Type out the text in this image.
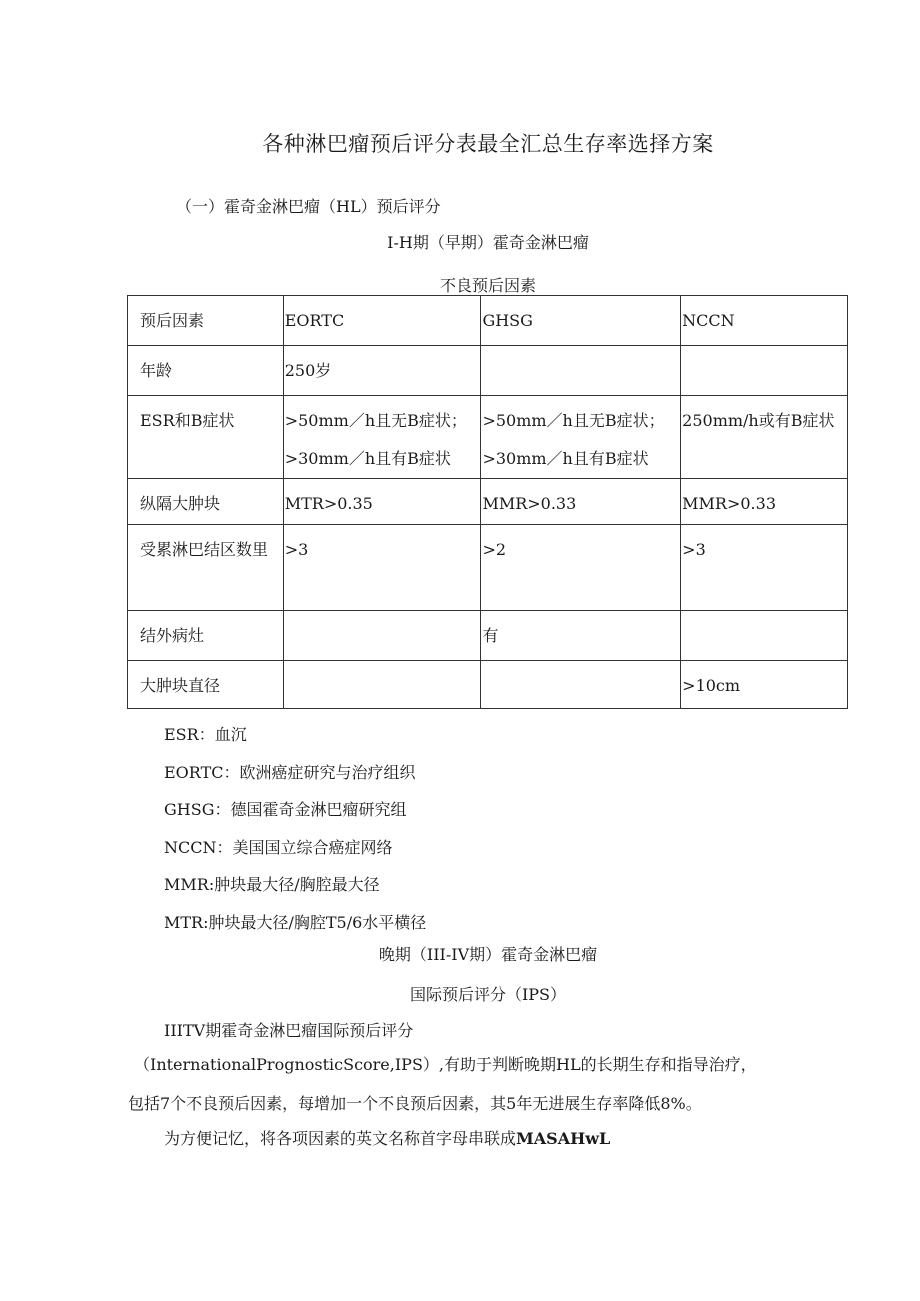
各种淋巴瘤预后评分表最全汇总生存率选择方案
（一）霍奇金淋巴瘤（HL）预后评分
I-H期（早期）霍奇金淋巴瘤
不良预后因素
预后因素	EORTC	GHSG	NCCN
年龄	250岁		
ESR和B症状	>50mm／h且无B症状；>30mm／h且有B症状	>50mm／h且无B症状；>30mm／h且有B症状	250mm/h或有B症状
纵隔大肿块	MTR>0.35	MMR>0.33	MMR>0.33
受累淋巴结区数里	>3	>2	>3
结外病灶		有	
大肿块直径			>10cm
ESR：血沉
EORTC：欧洲癌症研究与治疗组织
GHSG：德国霍奇金淋巴瘤研究组
NCCN：美国国立综合癌症网络
MMR:肿块最大径/胸腔最大径
MTR:肿块最大径/胸腔T5/6水平横径
晚期（III-IV期）霍奇金淋巴瘤
国际预后评分（IPS）
IIITV期霍奇金淋巴瘤国际预后评分
（InternationalPrognosticScore,IPS）,有助于判断晚期HL的长期生存和指导治疗，
包括7个不良预后因素，每增加一个不良预后因素，其5年无进展生存率降低8%。
为方便记忆，将各项因素的英文名称首字母串联成MASAHwL
